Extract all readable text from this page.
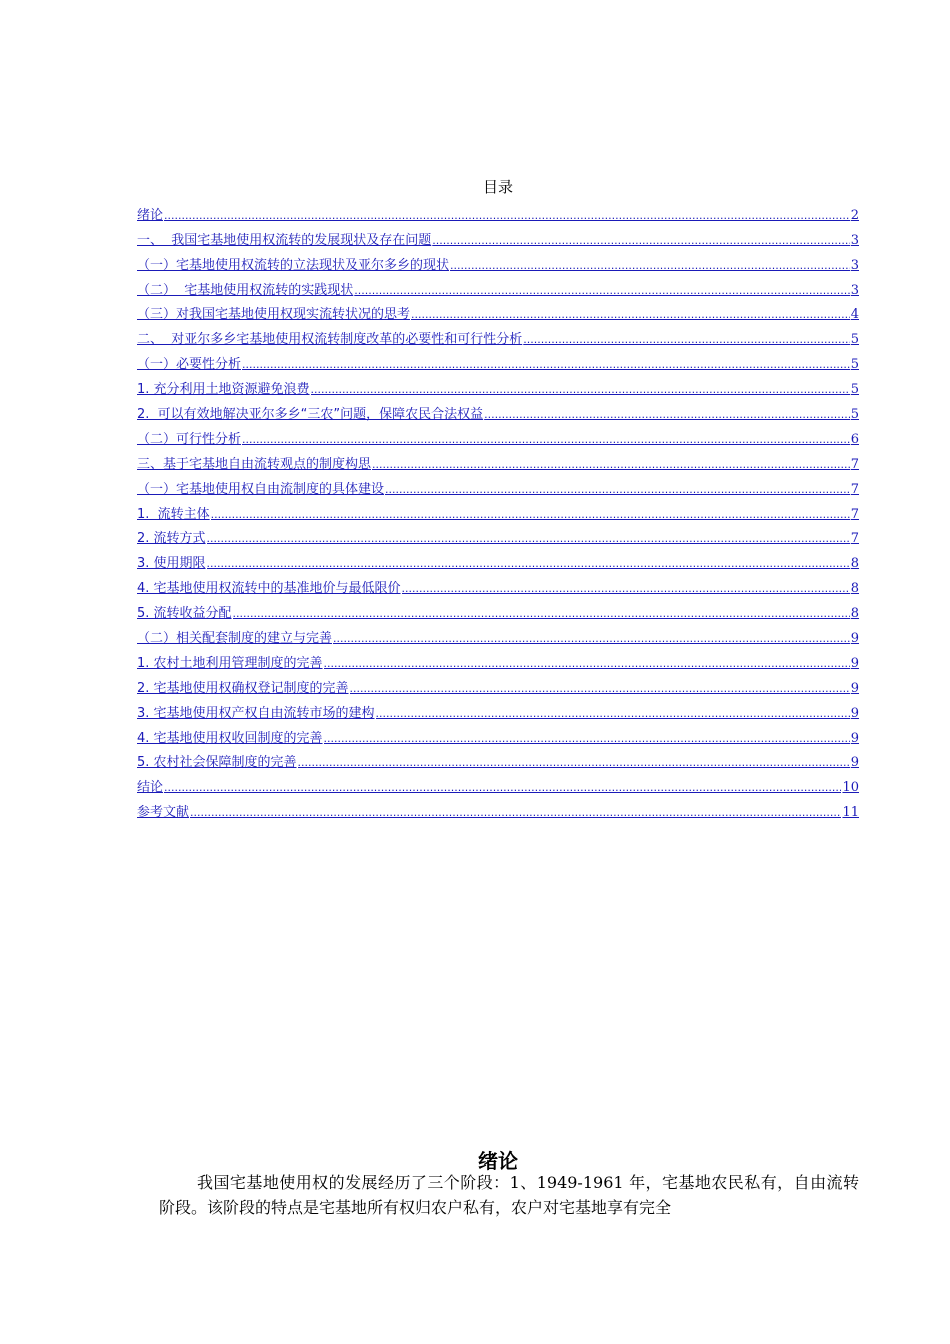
目录
绪论 .....	2
一、  我国宅基地使用权流转的发展现状及存在问题 .....	3
（一）宅基地使用权流转的立法现状及亚尔多乡的现状 .....	3
（二）  宅基地使用权流转的实践现状 .....	3
（三）对我国宅基地使用权现实流转状况的思考 .....	4
二、  对亚尔多乡宅基地使用权流转制度改革的必要性和可行性分析 .....	5
（一）必要性分析 .....	5
1. 充分利用土地资源避免浪费 .....	5
2.  可以有效地解决亚尔多乡“三农”问题，保障农民合法权益 .....	5
（二）可行性分析 .....	6
三、基于宅基地自由流转观点的制度构思 .....	7
（一）宅基地使用权自由流制度的具体建设 .....	7
1.  流转主体 .....	7
2. 流转方式 .....	7
3. 使用期限 .....	8
4. 宅基地使用权流转中的基准地价与最低限价 .....	8
5. 流转收益分配 .....	8
（二）相关配套制度的建立与完善 .....	9
1. 农村土地利用管理制度的完善 .....	9
2. 宅基地使用权确权登记制度的完善 .....	9
3. 宅基地使用权产权自由流转市场的建构 .....	9
4. 宅基地使用权收回制度的完善 .....	9
5. 农村社会保障制度的完善 .....	9
结论 .....	10
参考文献 .....	11
绪论

我国宅基地使用权的发展经历了三个阶段：1、1949-1961 年，宅基地农民私有，自由流转阶段。该阶段的特点是宅基地所有权归农户私有，农户对宅基地享有完全
